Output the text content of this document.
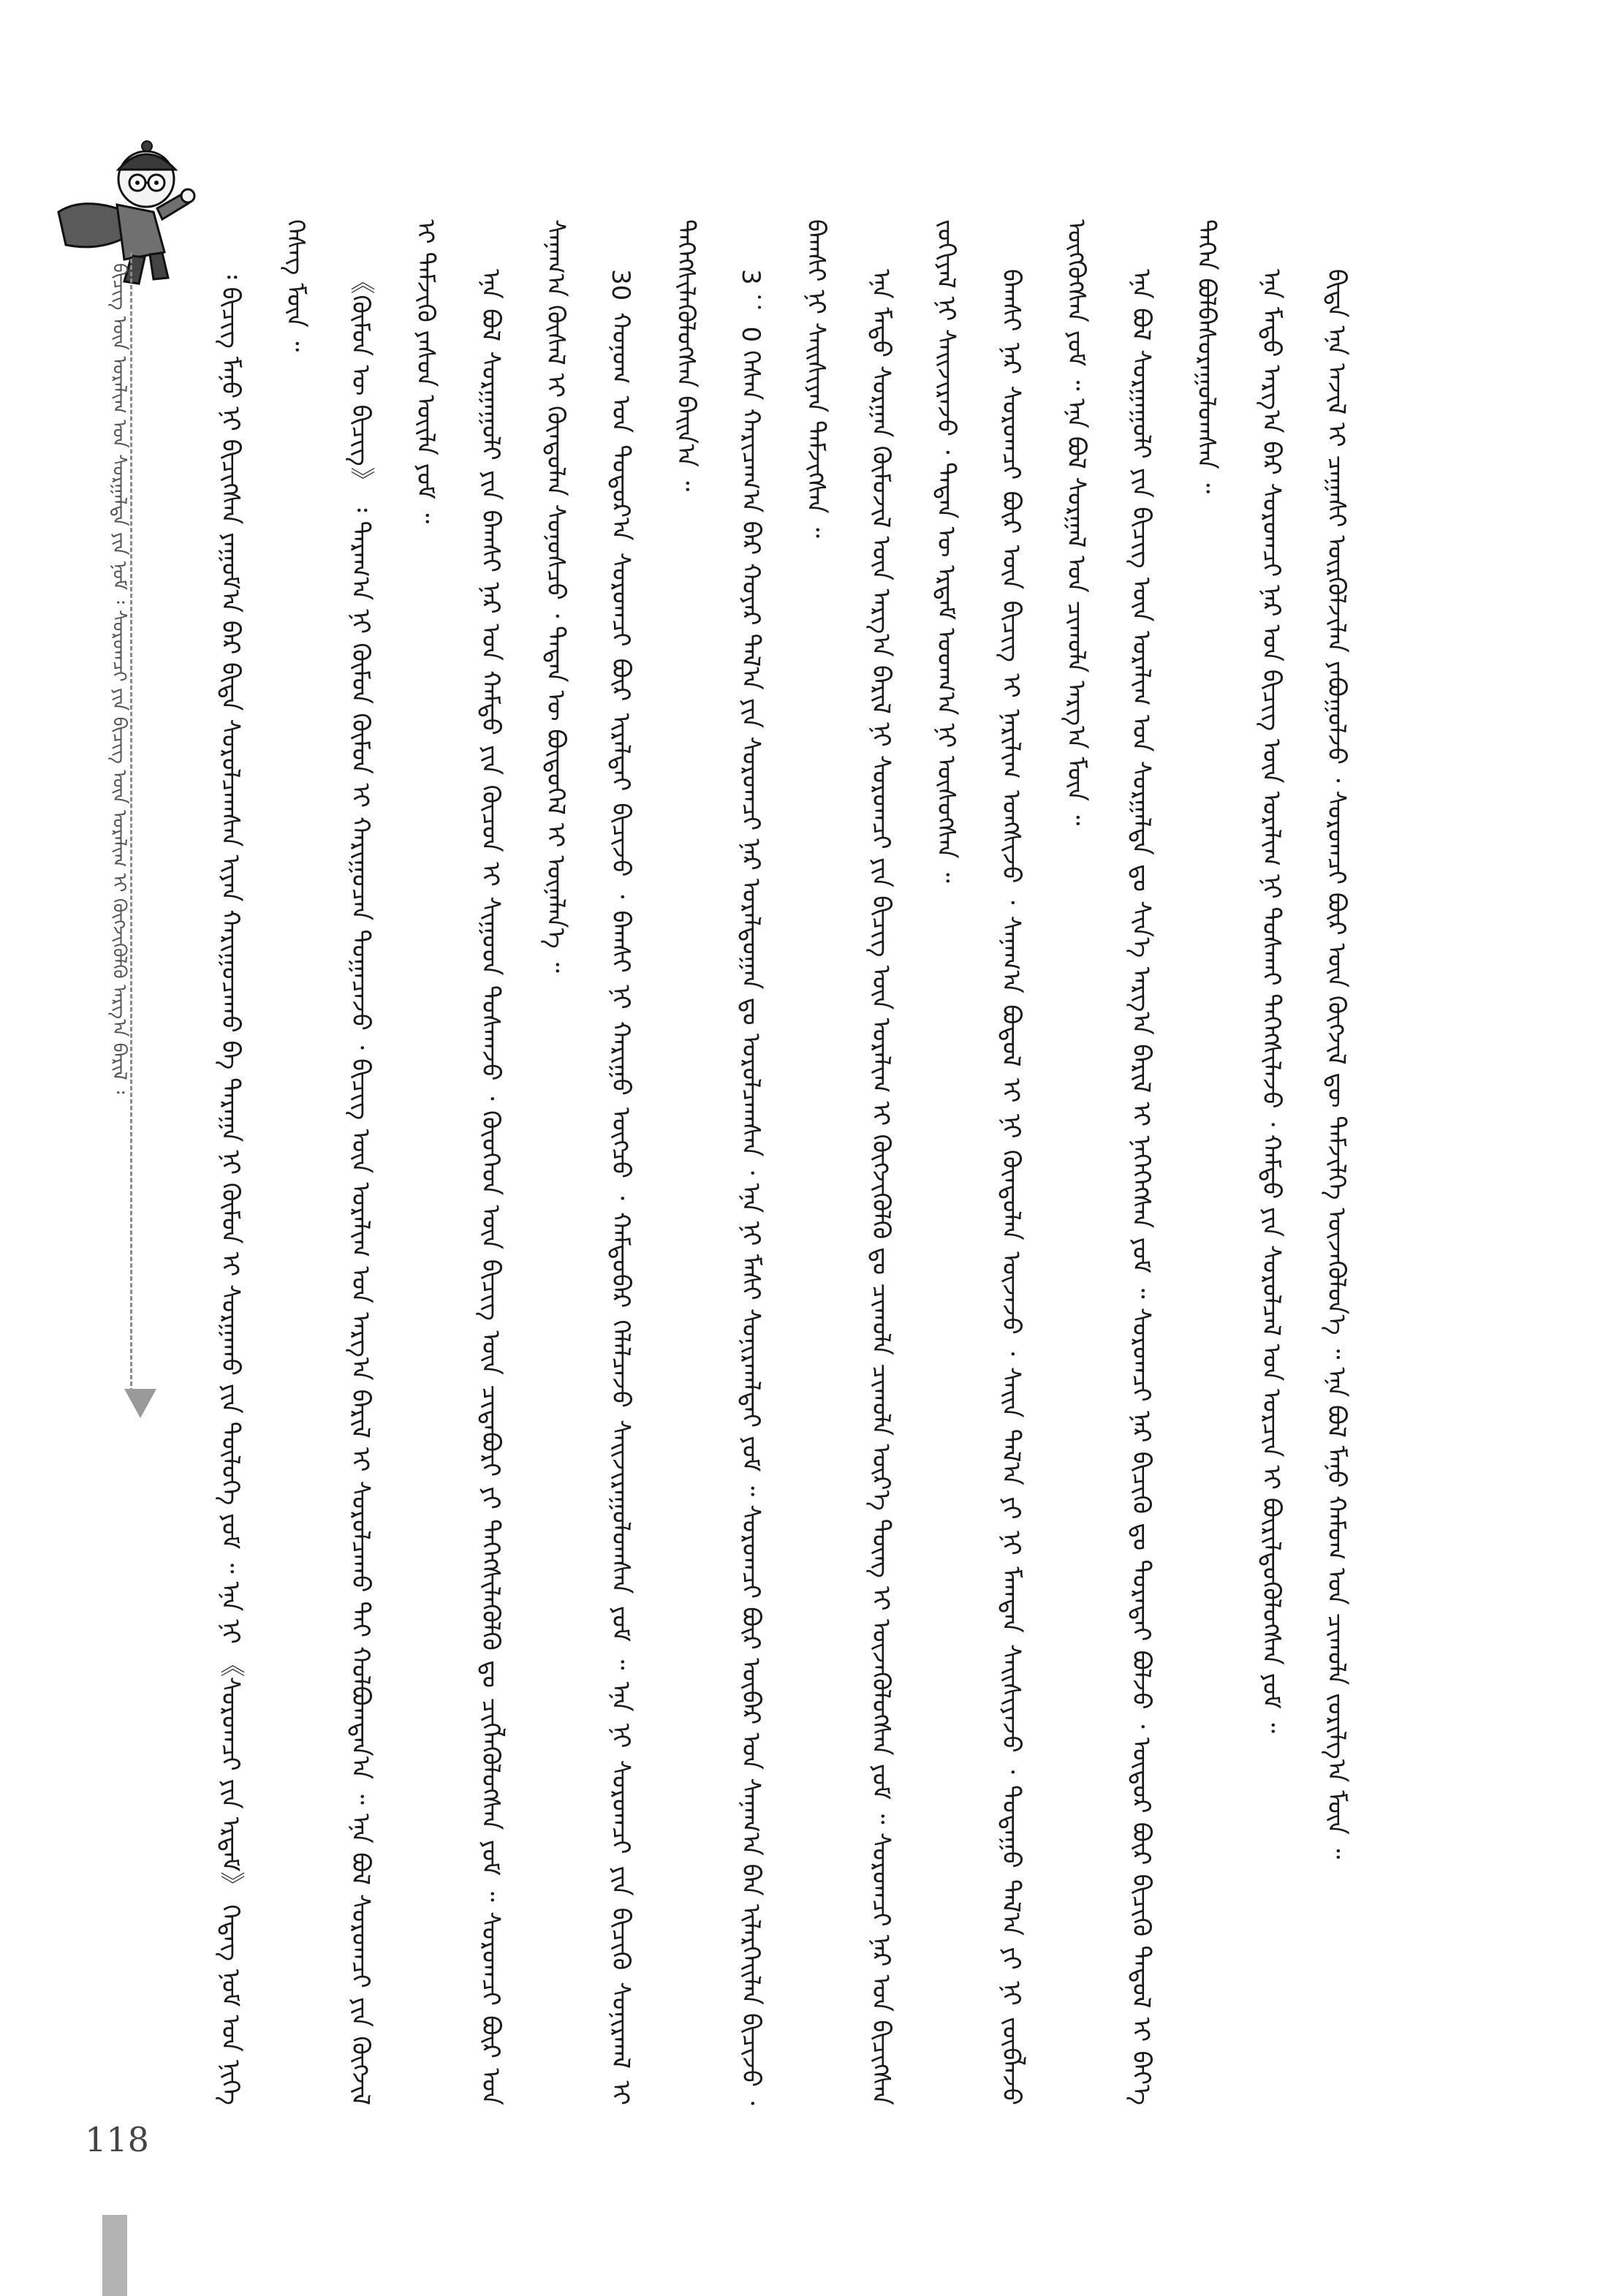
ᠪᠢᠴᠢᠭ ᠦᠨ ᠤᠷᠠᠯᠢᠭ ᠤᠨ ᠰᠤᠷᠭᠠᠯᠲᠠ ᠶᠢᠨ ᠨᠣᠮ ᠄ ᠰᠤᠷᠤᠭᠴᠢ ᠶᠢᠨ ᠪᠢᠴᠢᠭ ᠦᠨ ᠤᠷᠠᠯᠢᠭ ᠢ ᠬᠥᠭᠵᠢᠭᠦᠯᠬᠦ ᠠᠷᠭ᠎ᠠ ᠪᠠᠷᠢᠯ ᠄	᠄ ᠪᠢᠴᠢᠭ᠌ ᠮᠠᠨᠤ ᠨᠢ ᠪᠢᠴᠢᠭᠰᠡᠨ ᠶᠠᠭᠤᠮ᠎ᠠ ᠪᠠᠷ ᠪᠢᠳᠡ ᠰᠤᠷᠤᠯᠴᠠᠭᠰᠠᠨ ᠢᠶᠡᠨ ᠬᠠᠷᠢᠭᠤᠴᠠᠬᠤ ᠪᠠ ᠳᠠᠷᠠᠭᠠ ᠨᠢ ᠬᠦᠮᠦᠨ ᠢ ᠰᠤᠷᠭᠠᠬᠤ ᠶᠢᠨ ᠲᠥᠯᠥᠭᠡ ᠶᠤᠮ ᠃ ᠡᠨᠡ ᠨᠢ 《ᠰᠤᠷᠤᠭᠴᠢ ᠶᠢᠨ ᠡᠷᠳᠡᠮ》 ᠭᠡᠳᠡᠭ ᠨᠣᠮ ᠤᠨ ᠨᠢᠭᠡ ᠬᠡᠰᠡᠭ ᠮᠥᠨ ᠃	《ᠬᠦᠮᠦᠨ ᠦ ᠪᠢᠴᠢᠭ》 ᠄ ᠳᠠᠷᠠᠭ᠎ᠠ ᠨᠢ ᠬᠦᠮᠦᠨ ᠬᠦᠮᠦᠨ ᠢ ᠬᠠᠷᠢᠭᠤᠴᠠᠨ ᠲᠣᠭᠠᠴᠠᠵᠤ ᠂ ᠪᠢᠴᠢᠭ ᠦᠨ ᠤᠷᠠᠯᠢᠭ ᠤᠨ ᠠᠷᠭ᠎ᠠ ᠪᠠᠷᠢᠯ ᠢ ᠰᠤᠷᠤᠯᠴᠠᠬᠤ ᠲᠠᠢ ᠬᠣᠯᠪᠣᠭᠳᠠᠨ᠎ᠠ ᠃ ᠡᠨᠡ ᠪᠣᠯ ᠰᠤᠷᠤᠭᠴᠢ ᠶᠢᠨ ᠬᠥᠭᠵᠢᠯ ᠢ ᠳᠡᠮᠵᠢᠬᠦ ᠶᠠᠰᠤᠨ ᠦᠢᠯᠡ ᠶᠤᠮ ᠃	ᠡᠨᠡ ᠪᠣᠯ ᠰᠤᠷᠭᠠᠭᠤᠯᠢ ᠶᠢᠨ ᠪᠠᠭᠰᠢ ᠨᠠᠷ ᠤᠨ ᠬᠠᠮᠲᠤ ᠶᠢᠨ ᠬᠦᠴᠦᠨ ᠢ ᠰᠢᠭᠤᠳ ᠲᠤᠰᠬᠠᠵᠤ ᠂ ᠬᠦᠦᠬᠡᠳ ᠦᠨ ᠪᠢᠴᠢᠭ ᠦᠨ ᠴᠢᠳᠠᠪᠤᠷᠢ ᠶᠢ ᠳᠡᠭᠡᠭᠰᠢᠯᠡᠭᠦᠯᠬᠦ ᠳᠤ ᠴᠢᠭᠯᠡᠭᠦᠯᠦᠭᠰᠡᠨ ᠶᠤᠮ ᠃ ᠰᠤᠷᠤᠭᠴᠢ ᠪᠦᠷ ᠤᠨ ᠰᠠᠨᠠᠭ᠎ᠠ ᠬᠦᠰᠡᠯ ᠢ ᠬᠦᠨᠳᠦᠯᠡᠨ ᠰᠣᠨᠣᠰᠴᠤ ᠂ ᠲᠡᠳᠡᠨ ᠦ ᠪᠦᠲᠦᠭᠡᠯ ᠢ ᠦᠨᠡᠯᠡᠨ᠎ᠡ ᠃	30 ᠬᠣᠨᠣᠭ ᠤᠨ ᠳᠣᠲᠣᠷ᠎ᠠ ᠰᠤᠷᠤᠭᠴᠢ ᠪᠦᠷ ᠢᠷᠠᠯᠲᠠᠢ ᠪᠢᠴᠢᠵᠦ ᠂ ᠪᠠᠭᠰᠢ ᠨᠢ ᠬᠠᠷᠢᠭᠤ ᠥᠭᠴᠦ ᠂ ᠬᠠᠮᠲᠤᠪᠠᠷ ᠬᠡᠯᠡᠯᠴᠡᠵᠦ ᠰᠠᠢᠵᠢᠷᠠᠭᠤᠯᠤᠭᠰᠠᠨ ᠶᠤᠮ ᠃ ᠡᠨᠡ ᠨᠢ ᠰᠤᠷᠤᠭᠴᠢ ᠶᠢᠨ ᠪᠢᠴᠢᠬᠦ ᠰᠣᠨᠢᠷᠬᠠᠯ ᠢ ᠳᠡᠭᠡᠭᠰᠢᠯᠡᠭᠦᠯᠦᠭᠰᠡᠨ ᠪᠠᠢᠨ᠎ᠠ ᠃	3 ： 0 ᠭᠡᠰᠡᠨ ᠬᠠᠷᠢᠴᠠᠭ᠎ᠠ ᠪᠠᠷ ᠬᠣᠶᠠᠷ ᠲᠠᠯ᠎ᠠ ᠶᠢᠨ ᠰᠤᠷᠤᠭᠴᠢ ᠨᠠᠷ ᠤᠷᠠᠯᠳᠤᠭᠠᠨ ᠳᠤ ᠣᠷᠣᠯᠴᠠᠭᠰᠠᠨ ᠂ ᠡᠨᠡ ᠨᠢ ᠮᠠᠰᠢ ᠰᠤᠨᠢᠷᠬᠠᠯᠲᠠᠢ ᠶᠤᠮ ᠃ ᠰᠤᠷᠤᠭᠴᠢ ᠪᠦᠷ ᠥᠪᠡᠷ ᠤᠨ ᠰᠠᠨᠠᠭ᠎ᠠ ᠪᠠᠨ ᠢᠯᠡᠷᠬᠡᠢᠯᠡᠨ ᠪᠢᠴᠢᠵᠦ ᠂ ᠪᠠᠭᠰᠢ ᠨᠢ ᠰᠠᠢᠰᠢᠶᠠᠨ ᠳᠡᠮᠵᠢᠭᠰᠡᠨ ᠃	ᠡᠨᠡ ᠮᠡᠲᠦ ᠰᠤᠷᠭᠠᠨ ᠬᠦᠮᠦᠵᠢᠯ ᠦᠨ ᠠᠷᠭ᠎ᠠ ᠪᠠᠷᠢᠯ ᠨᠢ ᠰᠤᠷᠤᠭᠴᠢ ᠶᠢᠨ ᠪᠢᠴᠢᠭ ᠦᠨ ᠤᠷᠠᠯᠢᠭ ᠢ ᠬᠥᠭᠵᠢᠭᠦᠯᠬᠦ ᠳᠤ ᠴᠢᠬᠤᠯᠠ ᠴᠢᠬᠤᠯᠠ ᠦᠷ᠎ᠡ ᠳᠦᠩ ᠢ ᠦᠵᠡᠭᠦᠯᠦᠭᠰᠡᠨ ᠶᠤᠮ ᠃ ᠰᠤᠷᠤᠭᠴᠢ ᠨᠠᠷ ᠤᠨ ᠪᠢᠴᠢᠭᠰᠡᠨ ᠵᠣᠬᠢᠶᠠᠯ ᠨᠢ ᠰᠠᠢᠵᠢᠷᠠᠵᠤ ᠂ ᠲᠡᠳᠡᠨ ᠦ ᠡᠷᠳᠡᠮ ᠤᠳᠬ᠎ᠠ ᠨᠢ ᠥᠰᠦᠭᠰᠡᠨ ᠃	ᠪᠠᠭᠰᠢ ᠨᠠᠷ ᠰᠤᠷᠤᠭᠴᠢ ᠪᠦᠷ ᠦᠨ ᠪᠢᠴᠢᠭ ᠢ ᠨᠠᠷᠢᠯᠢᠭ ᠤᠩᠰᠢᠵᠤ ᠂ ᠰᠠᠨᠠᠭ᠎ᠠ ᠪᠤᠳᠤᠯ ᠢ ᠨᠢ ᠬᠦᠨᠳᠦᠯᠡᠨ ᠦᠵᠡᠵᠦ ᠂ ᠰᠠᠢᠨ ᠲᠠᠯ᠎ᠠ ᠶᠢ ᠨᠢ ᠮᠠᠭᠲᠠᠨ ᠰᠠᠢᠰᠢᠶᠠᠵᠤ ᠂ ᠳᠤᠲᠠᠭᠤ ᠲᠠᠯ᠎ᠠ ᠶᠢ ᠨᠢ ᠵᠦᠪᠯᠡᠵᠦ ᠥᠭᠭᠦᠭᠰᠡᠨ ᠶᠤᠮ ᠃ ᠡᠨᠡ ᠪᠣᠯ ᠰᠤᠷᠭᠠᠯ ᠤᠨ ᠴᠢᠬᠤᠯᠠ ᠠᠷᠭ᠎ᠠ ᠮᠥᠨ ᠃	ᠡᠨᠡ ᠪᠣᠯ ᠰᠤᠷᠭᠠᠭᠤᠯᠢ ᠶᠢᠨ ᠪᠢᠴᠢᠭ ᠦᠨ ᠤᠷᠠᠯᠢᠭ ᠤᠨ ᠰᠤᠷᠭᠠᠯᠲᠠ ᠳᠤ ᠰᠢᠨ᠎ᠡ ᠠᠷᠭ᠎ᠠ ᠪᠠᠷᠢᠯ ᠢ ᠨᠡᠭᠡᠭᠡᠭᠰᠡᠨ ᠶᠤᠮ ᠃ ᠰᠤᠷᠤᠭᠴᠢ ᠨᠠᠷ ᠪᠢᠴᠢᠬᠦ ᠳᠤ ᠳᠤᠷᠠᠲᠠᠢ ᠪᠣᠯᠵᠤ ᠂ ᠥᠳᠦᠷ ᠪᠦᠷ ᠪᠢᠴᠢᠬᠦ ᠳᠠᠳᠤᠯ ᠢ ᠪᠡᠶ᠎ᠡ ᠳᠡᠭᠡᠨ ᠪᠣᠯᠪᠠᠰᠤᠷᠠᠭᠤᠯᠤᠭᠰᠠᠨ ᠃	ᠡᠨᠡ ᠮᠡᠲᠦ ᠠᠷᠭ᠎ᠠ ᠪᠠᠷ ᠰᠤᠷᠤᠭᠴᠢ ᠨᠠᠷ ᠤᠨ ᠪᠢᠴᠢᠭ ᠦᠨ ᠤᠷᠠᠯᠢᠭ ᠨᠢ ᠲᠤᠰᠬᠠᠢ ᠳᠡᠭᠡᠭᠰᠢᠯᠡᠵᠦ ᠂ ᠬᠠᠮᠲᠤ ᠶᠢᠨ ᠰᠤᠷᠤᠯᠴᠠᠯ ᠤᠨ ᠣᠷᠴᠢᠨ ᠢ ᠪᠦᠷᠢᠯᠳᠦᠭᠦᠯᠦᠭᠰᠡᠨ ᠶᠤᠮ ᠃	ᠪᠢᠳᠡ ᠡᠨᠡ ᠠᠵᠢᠯ ᠢ ᠴᠠᠭᠠᠰᠢ ᠦᠷᠭᠦᠯᠵᠢᠯᠡᠨ ᠶᠠᠪᠤᠭᠤᠯᠵᠤ ᠂ ᠰᠤᠷᠤᠭᠴᠢ ᠪᠦᠷ ᠦᠨ ᠬᠥᠭᠵᠢᠯ ᠳᠦ ᠳᠡᠮᠵᠢᠯᠭᠡ ᠦᠵᠡᠭᠦᠯᠦᠨ᠎ᠡ ᠃ ᠡᠨᠡ ᠪᠣᠯ ᠮᠠᠨᠤ ᠬᠠᠮᠤᠭ ᠤᠨ ᠴᠢᠬᠤᠯᠠ ᠵᠣᠷᠢᠯᠭ᠎ᠠ ᠮᠥᠨ ᠃

118
